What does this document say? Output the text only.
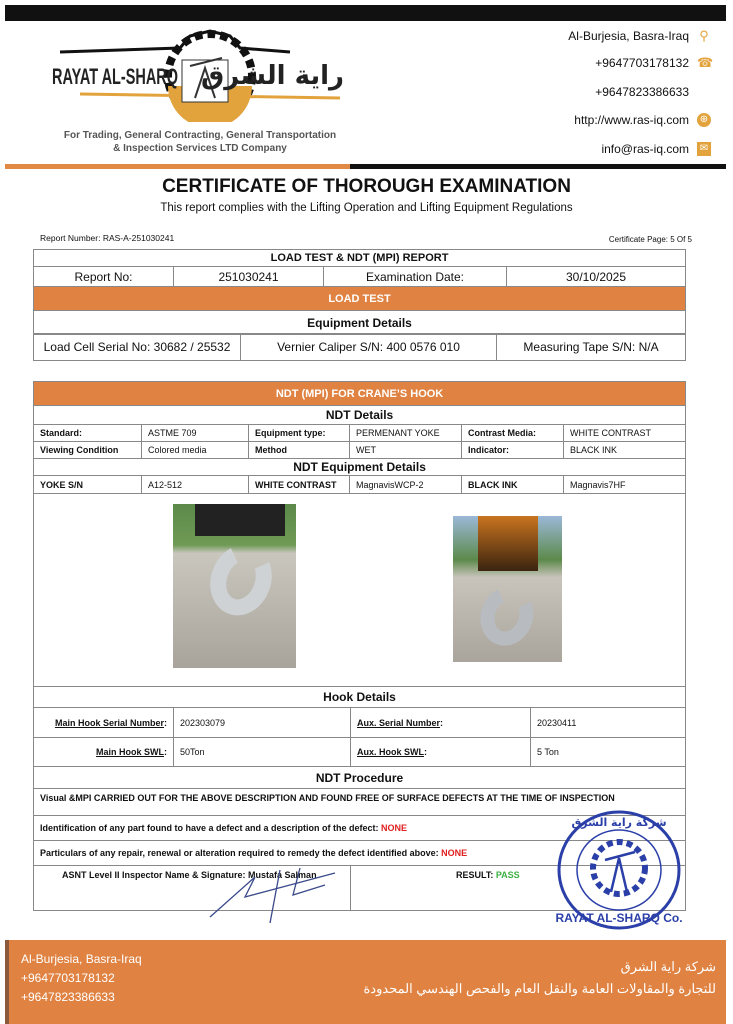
RAYAT AL-SHARQ راية الشرق
For Trading, General Contracting, General Transportation
& Inspection Services LTD Company
Al-Burjesia, Basra-Iraq ⚲
+9647703178132 ☎
+9647823386633
http://www.ras-iq.com ⊕
info@ras-iq.com ✉
CERTIFICATE OF THOROUGH EXAMINATION
This report complies with the Lifting Operation and Lifting Equipment Regulations
Report Number: RAS-A-251030241	Certificate Page: 5 Of 5
LOAD TEST & NDT (MPI) REPORT
Report No:	251030241	Examination Date:	30/10/2025
LOAD TEST
Equipment Details
Load Cell Serial No: 30682 / 25532	Vernier Caliper S/N: 400 0576 010	Measuring Tape S/N: N/A
NDT (MPI) FOR CRANE’S HOOK					
NDT Details					
Standard:	ASTME 709	Equipment type:	PERMENANT YOKE	Contrast Media:	WHITE CONTRAST
Viewing Condition	Colored media	Method	WET	Indicator:	BLACK INK
NDT Equipment Details					
YOKE S/N	A12-512	WHITE CONTRAST	MagnavisWCP-2	BLACK INK	Magnavis7HF

Hook Details			
Main Hook Serial Number:	202303079	Aux. Serial Number:	20230411
Main Hook SWL:	50Ton	Aux. Hook SWL:	5 Ton
NDT Procedure			
Visual &MPI CARRIED OUT FOR THE ABOVE DESCRIPTION AND FOUND FREE OF SURFACE DEFECTS AT THE TIME OF INSPECTION			
Identification of any part found to have a defect and a description of the defect: NONE			
Particulars of any repair, renewal or alteration required to remedy the defect identified above: NONE			
ASNT Level II Inspector Name & Signature: Mustafa Salman		RESULT: PASS	
RAYAT AL-SHARQ Co.
شركة راية الشرق
Al-Burjesia, Basra-Iraq
+9647703178132
+9647823386633
شركة راية الشرق
للتجارة والمقاولات العامة والنقل العام والفحص الهندسي المحدودة
